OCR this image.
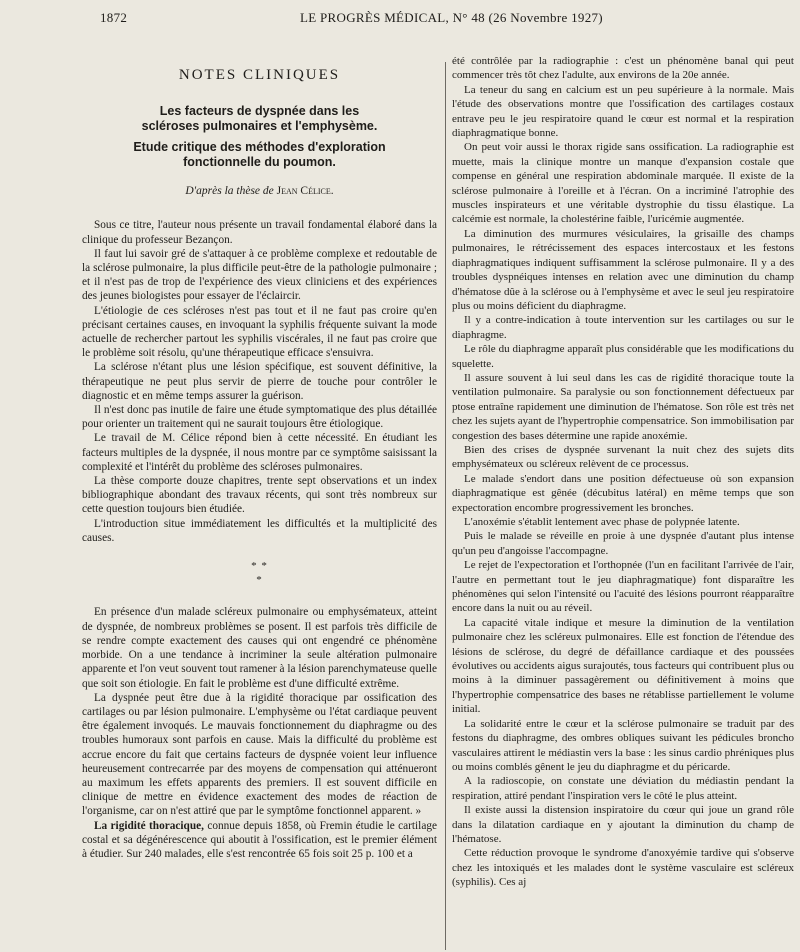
1872	LE PROGRÈS MÉDICAL, N° 48 (26 Novembre 1927)
NOTES CLINIQUES
Les facteurs de dyspnée dans les
scléroses pulmonaires et l'emphysème.
Etude critique des méthodes d'exploration
fonctionnelle du poumon.
D'après la thèse de Jean Célice.

Sous ce titre, l'auteur nous présente un travail fondamental élaboré dans la clinique du professeur Bezançon.

Il faut lui savoir gré de s'attaquer à ce problème complexe et redoutable de la sclérose pulmonaire, la plus difficile peut-être de la pathologie pulmonaire ; et il n'est pas de trop de l'expérience des vieux cliniciens et des expériences des jeunes biologistes pour essayer de l'éclaircir.

L'étiologie de ces scléroses n'est pas tout et il ne faut pas croire qu'en précisant certaines causes, en invoquant la syphilis fréquente suivant la mode actuelle de rechercher partout les syphilis viscérales, il ne faut pas croire que le problème soit résolu, qu'une thérapeutique efficace s'ensuivra.

La sclérose n'étant plus une lésion spécifique, est souvent définitive, la thérapeutique ne peut plus servir de pierre de touche pour contrôler le diagnostic et en même temps assurer la guérison.

Il n'est donc pas inutile de faire une étude symptomatique des plus détaillée pour orienter un traitement qui ne saurait toujours être étiologique.

Le travail de M. Célice répond bien à cette nécessité. En étudiant les facteurs multiples de la dyspnée, il nous montre par ce symptôme saisissant la complexité et l'intérêt du problème des scléroses pulmonaires.

La thèse comporte douze chapitres, trente sept observations et un index bibliographique abondant des travaux récents, qui sont très nombreux sur cette question toujours bien étudiée.

L'introduction situe immédiatement les difficultés et la multiplicité des causes.

* *
*

En présence d'un malade scléreux pulmonaire ou emphysémateux, atteint de dyspnée, de nombreux problèmes se posent. Il est parfois très difficile de se rendre compte exactement des causes qui ont engendré ce phénomène morbide. On a une tendance à incriminer la seule altération pulmonaire apparente et l'on veut souvent tout ramener à la lésion parenchymateuse quelle que soit son étiologie. En fait le problème est d'une difficulté extrême.

La dyspnée peut être due à la rigidité thoracique par ossification des cartilages ou par lésion pulmonaire. L'emphysème ou l'état cardiaque peuvent être également invoqués. Le mauvais fonctionnement du diaphragme ou des troubles humoraux sont parfois en cause. Mais la difficulté du problème est accrue encore du fait que certains facteurs de dyspnée voient leur influence heureusement contrecarrée par des moyens de compensation qui atténueront au maximum les effets apparents des premiers. Il est souvent difficile en clinique de mettre en évidence exactement des modes de réaction de l'organisme, car on n'est attiré que par le symptôme fonctionnel apparent. »

La rigidité thoracique, connue depuis 1858, où Fremin étudie le cartilage costal et sa dégénérescence qui aboutit à l'ossification, est le premier élément à étudier. Sur 240 malades, elle s'est rencontrée 65 fois soit 25 p. 100 et a

été contrôlée par la radiographie : c'est un phénomène banal qui peut commencer très tôt chez l'adulte, aux environs de la 20e année.

La teneur du sang en calcium est un peu supérieure à la normale. Mais l'étude des observations montre que l'ossification des cartilages costaux entrave peu le jeu respiratoire quand le cœur est normal et la respiration diaphragmatique bonne.

On peut voir aussi le thorax rigide sans ossification. La radiographie est muette, mais la clinique montre un manque d'expansion costale que compense en général une respiration abdominale marquée. Il existe de la sclérose pulmonaire à l'oreille et à l'écran. On a incriminé l'atrophie des muscles inspirateurs et une véritable dystrophie du tissu élastique. La calcémie est normale, la cholestérine faible, l'uricémie augmentée.

La diminution des murmures vésiculaires, la grisaille des champs pulmonaires, le rétrécissement des espaces intercostaux et les festons diaphragmatiques indiquent suffisamment la sclérose pulmonaire. Il y a des troubles dyspnéiques intenses en relation avec une diminution du champ d'hématose dûe à la sclérose ou à l'emphysème et avec le seul jeu respiratoire plus ou moins déficient du diaphragme.

Il y a contre-indication à toute intervention sur les cartilages ou sur le diaphragme.

Le rôle du diaphragme apparaît plus considérable que les modifications du squelette.

Il assure souvent à lui seul dans les cas de rigidité thoracique toute la ventilation pulmonaire. Sa paralysie ou son fonctionnement défectueux par ptose entraîne rapidement une diminution de l'hématose. Son rôle est très net chez les sujets ayant de l'hypertrophie compensatrice. Son immobilisation par congestion des bases détermine une rapide anoxémie.

Bien des crises de dyspnée survenant la nuit chez des sujets dits emphysémateux ou scléreux relèvent de ce processus.

Le malade s'endort dans une position défectueuse où son expansion diaphragmatique est gênée (décubitus latéral) en même temps que son expectoration encombre progressivement les bronches.

L'anoxémie s'établit lentement avec phase de polypnée latente.

Puis le malade se réveille en proie à une dyspnée d'autant plus intense qu'un peu d'angoisse l'accompagne.

Le rejet de l'expectoration et l'orthopnée (l'un en facilitant l'arrivée de l'air, l'autre en permettant tout le jeu diaphragmatique) font disparaître les phénomènes qui selon l'intensité ou l'acuité des lésions pourront réapparaître encore dans la nuit ou au réveil.

La capacité vitale indique et mesure la diminution de la ventilation pulmonaire chez les scléreux pulmonaires. Elle est fonction de l'étendue des lésions de sclérose, du degré de défaillance cardiaque et des poussées évolutives ou accidents aigus surajoutés, tous facteurs qui contribuent plus ou moins à la diminuer passagèrement ou définitivement à moins que l'hypertrophie compensatrice des bases ne rétablisse partiellement le volume initial.

La solidarité entre le cœur et la sclérose pulmonaire se traduit par des festons du diaphragme, des ombres obliques suivant les pédicules broncho vasculaires attirent le médiastin vers la base : les sinus cardio phréniques plus ou moins comblés gênent le jeu du diaphragme et du péricarde.

A la radioscopie, on constate une déviation du médiastin pendant la respiration, attiré pendant l'inspiration vers le côté le plus atteint.

Il existe aussi la distension inspiratoire du cœur qui joue un grand rôle dans la dilatation cardiaque en y ajoutant la diminution du champ de l'hématose.

Cette réduction provoque le syndrome d'anoxyémie tardive qui s'observe chez les intoxiqués et les malades dont le système vasculaire est scléreux (syphilis). Ces aj
